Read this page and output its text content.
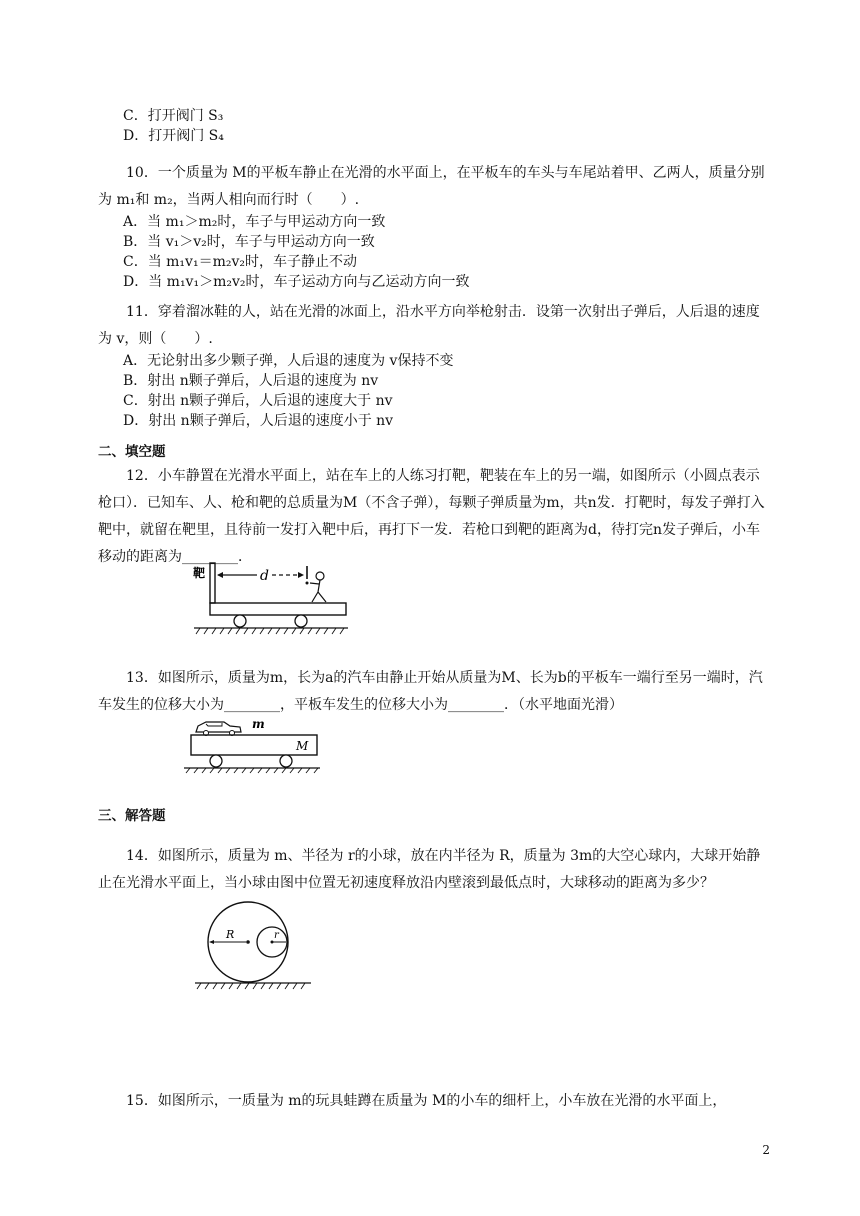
C．打开阀门 S₃
D．打开阀门 S₄
10．一个质量为 M的平板车静止在光滑的水平面上，在平板车的车头与车尾站着甲、乙两人，质量分别为 m₁和 m₂，当两人相向而行时（　　）.
A．当 m₁＞m₂时，车子与甲运动方向一致
B．当 v₁＞v₂时，车子与甲运动方向一致
C．当 m₁v₁＝m₂v₂时，车子静止不动
D．当 m₁v₁＞m₂v₂时，车子运动方向与乙运动方向一致
11．穿着溜冰鞋的人，站在光滑的冰面上，沿水平方向举枪射击．设第一次射出子弹后，人后退的速度为 v，则（　　）.
A．无论射出多少颗子弹，人后退的速度为 v保持不变
B．射出 n颗子弹后，人后退的速度为 nv
C．射出 n颗子弹后，人后退的速度大于 nv
D．射出 n颗子弹后，人后退的速度小于 nv
二、填空题
12．小车静置在光滑水平面上，站在车上的人练习打靶，靶装在车上的另一端，如图所示（小圆点表示枪口）．已知车、人、枪和靶的总质量为M（不含子弹），每颗子弹质量为m，共n发．打靶时，每发子弹打入靶中，就留在靶里，且待前一发打入靶中后，再打下一发．若枪口到靶的距离为d，待打完n发子弹后，小车移动的距离为________．
靶	d
13．如图所示，质量为m，长为a的汽车由静止开始从质量为M、长为b的平板车一端行至另一端时，汽车发生的位移大小为________，平板车发生的位移大小为________．（水平地面光滑）
m
M
三、解答题
14．如图所示，质量为 m、半径为 r的小球，放在内半径为 R，质量为 3m的大空心球内，大球开始静止在光滑水平面上，当小球由图中位置无初速度释放沿内壁滚到最低点时，大球移动的距离为多少？
R	r
15．如图所示，一质量为 m的玩具蛙蹲在质量为 M的小车的细杆上，小车放在光滑的水平面上，
2
